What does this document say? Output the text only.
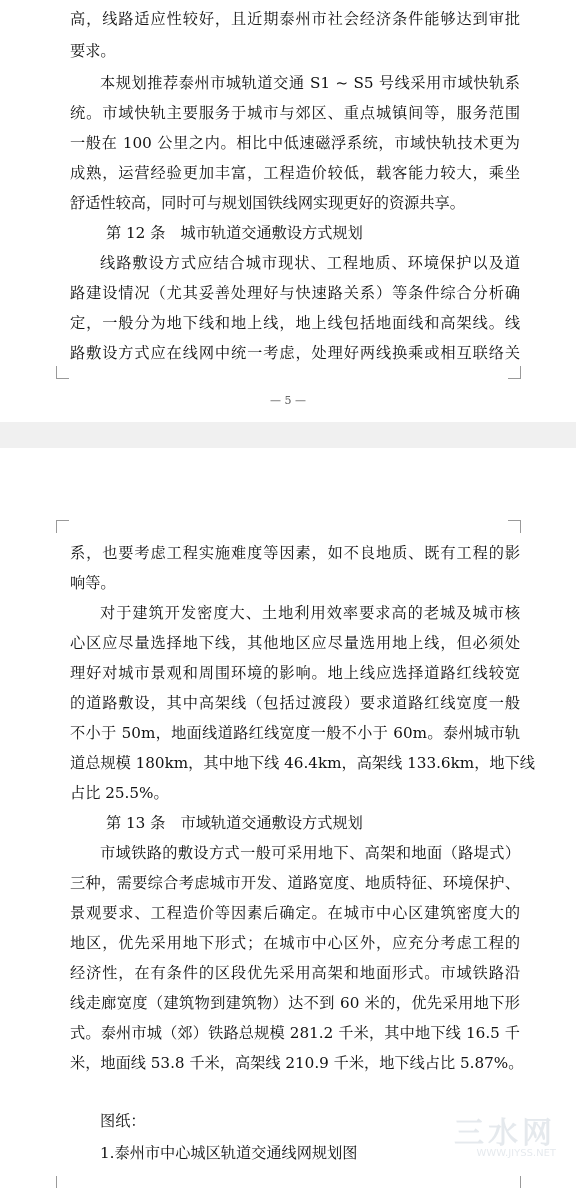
高，线路适应性较好，且近期泰州市社会经济条件能够达到审批
要求。
本规划推荐泰州市城轨道交通 S1 ~ S5 号线采用市域快轨系
统。市域快轨主要服务于城市与郊区、重点城镇间等，服务范围
一般在 100 公里之内。相比中低速磁浮系统，市域快轨技术更为
成熟，运营经验更加丰富，工程造价较低，载客能力较大，乘坐
舒适性较高，同时可与规划国铁线网实现更好的资源共享。
第 12 条　城市轨道交通敷设方式规划
线路敷设方式应结合城市现状、工程地质、环境保护以及道
路建设情况（尤其妥善处理好与快速路关系）等条件综合分析确
定，一般分为地下线和地上线，地上线包括地面线和高架线。线
路敷设方式应在线网中统一考虑，处理好两线换乘或相互联络关
— 5 —
系，也要考虑工程实施难度等因素，如不良地质、既有工程的影
响等。
对于建筑开发密度大、土地利用效率要求高的老城及城市核
心区应尽量选择地下线，其他地区应尽量选用地上线，但必须处
理好对城市景观和周围环境的影响。地上线应选择道路红线较宽
的道路敷设，其中高架线（包括过渡段）要求道路红线宽度一般
不小于 50m，地面线道路红线宽度一般不小于 60m。泰州城市轨
道总规模 180km，其中地下线 46.4km，高架线 133.6km，地下线
占比 25.5%。
第 13 条　市域轨道交通敷设方式规划
市域铁路的敷设方式一般可采用地下、高架和地面（路堤式）
三种，需要综合考虑城市开发、道路宽度、地质特征、环境保护、
景观要求、工程造价等因素后确定。在城市中心区建筑密度大的
地区，优先采用地下形式；在城市中心区外，应充分考虑工程的
经济性，在有条件的区段优先采用高架和地面形式。市域铁路沿
线走廊宽度（建筑物到建筑物）达不到 60 米的，优先采用地下形
式。泰州市城（郊）铁路总规模 281.2 千米，其中地下线 16.5 千
米，地面线 53.8 千米，高架线 210.9 千米，地下线占比 5.87%。
图纸：
1.泰州市中心城区轨道交通线网规划图
三水网
WWW.JIYSS.NET
